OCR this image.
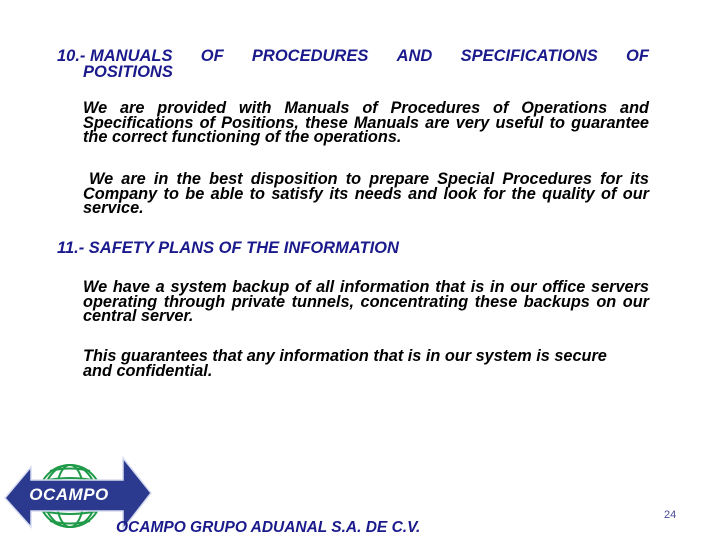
10.- MANUALS OF PROCEDURES AND SPECIFICATIONS OF
POSITIONS

We are provided with Manuals of Procedures of Operations and Specifications of Positions, these Manuals are very useful to guarantee the correct functioning of the operations.

We are in the best disposition to prepare Special Procedures for its Company to be able to satisfy its needs and look for the quality of our service.

11.- SAFETY PLANS OF THE INFORMATION

We have a system backup of all information that is in our office servers operating through private tunnels, concentrating these backups on our central server.

This guarantees that any information that is in our system is secure and confidential.

OCAMPO

OCAMPO GRUPO ADUANAL S.A. DE C.V.

24
